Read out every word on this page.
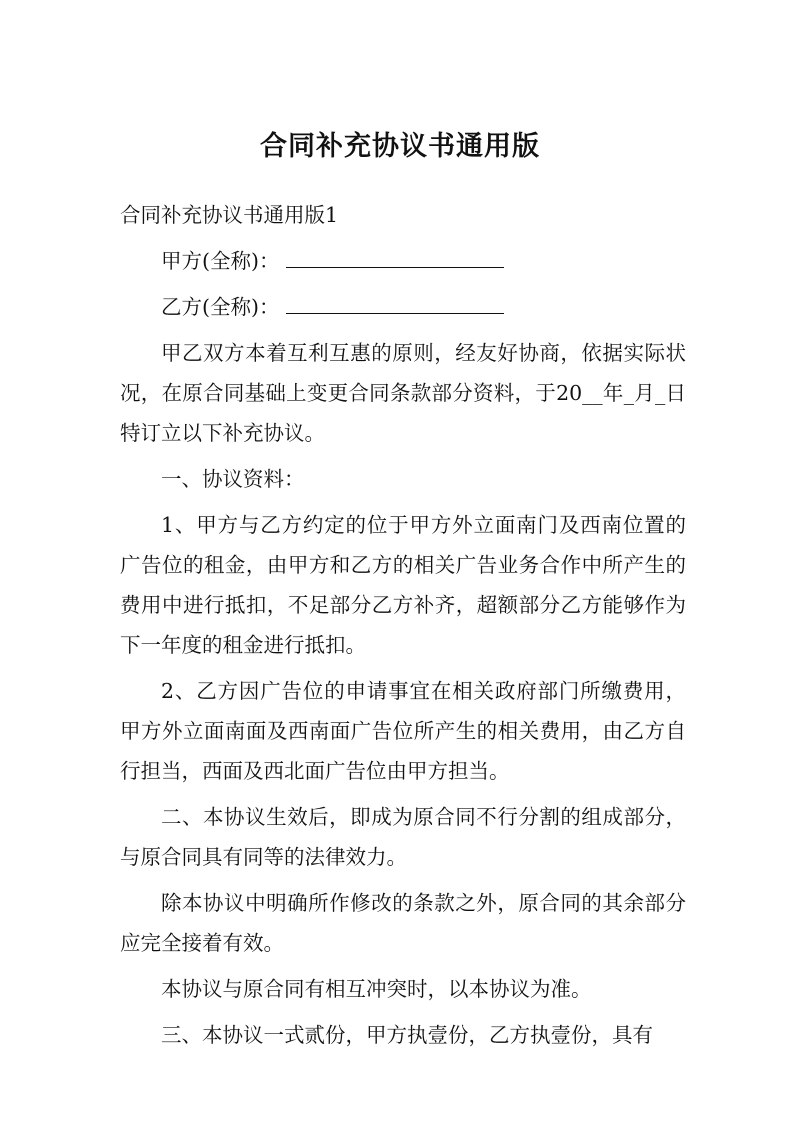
合同补充协议书通用版

合同补充协议书通用版1

甲方(全称)：

乙方(全称)：

甲乙双方本着互利互惠的原则，经友好协商，依据实际状况，在原合同基础上变更合同条款部分资料，于20__年_月_日特订立以下补充协议。

一、协议资料：

1、甲方与乙方约定的位于甲方外立面南门及西南位置的广告位的租金，由甲方和乙方的相关广告业务合作中所产生的费用中进行抵扣，不足部分乙方补齐，超额部分乙方能够作为下一年度的租金进行抵扣。

2、乙方因广告位的申请事宜在相关政府部门所缴费用，甲方外立面南面及西南面广告位所产生的相关费用，由乙方自行担当，西面及西北面广告位由甲方担当。

二、本协议生效后，即成为原合同不行分割的组成部分，与原合同具有同等的法律效力。

除本协议中明确所作修改的条款之外，原合同的其余部分应完全接着有效。

本协议与原合同有相互冲突时，以本协议为准。

三、本协议一式贰份，甲方执壹份，乙方执壹份，具有
